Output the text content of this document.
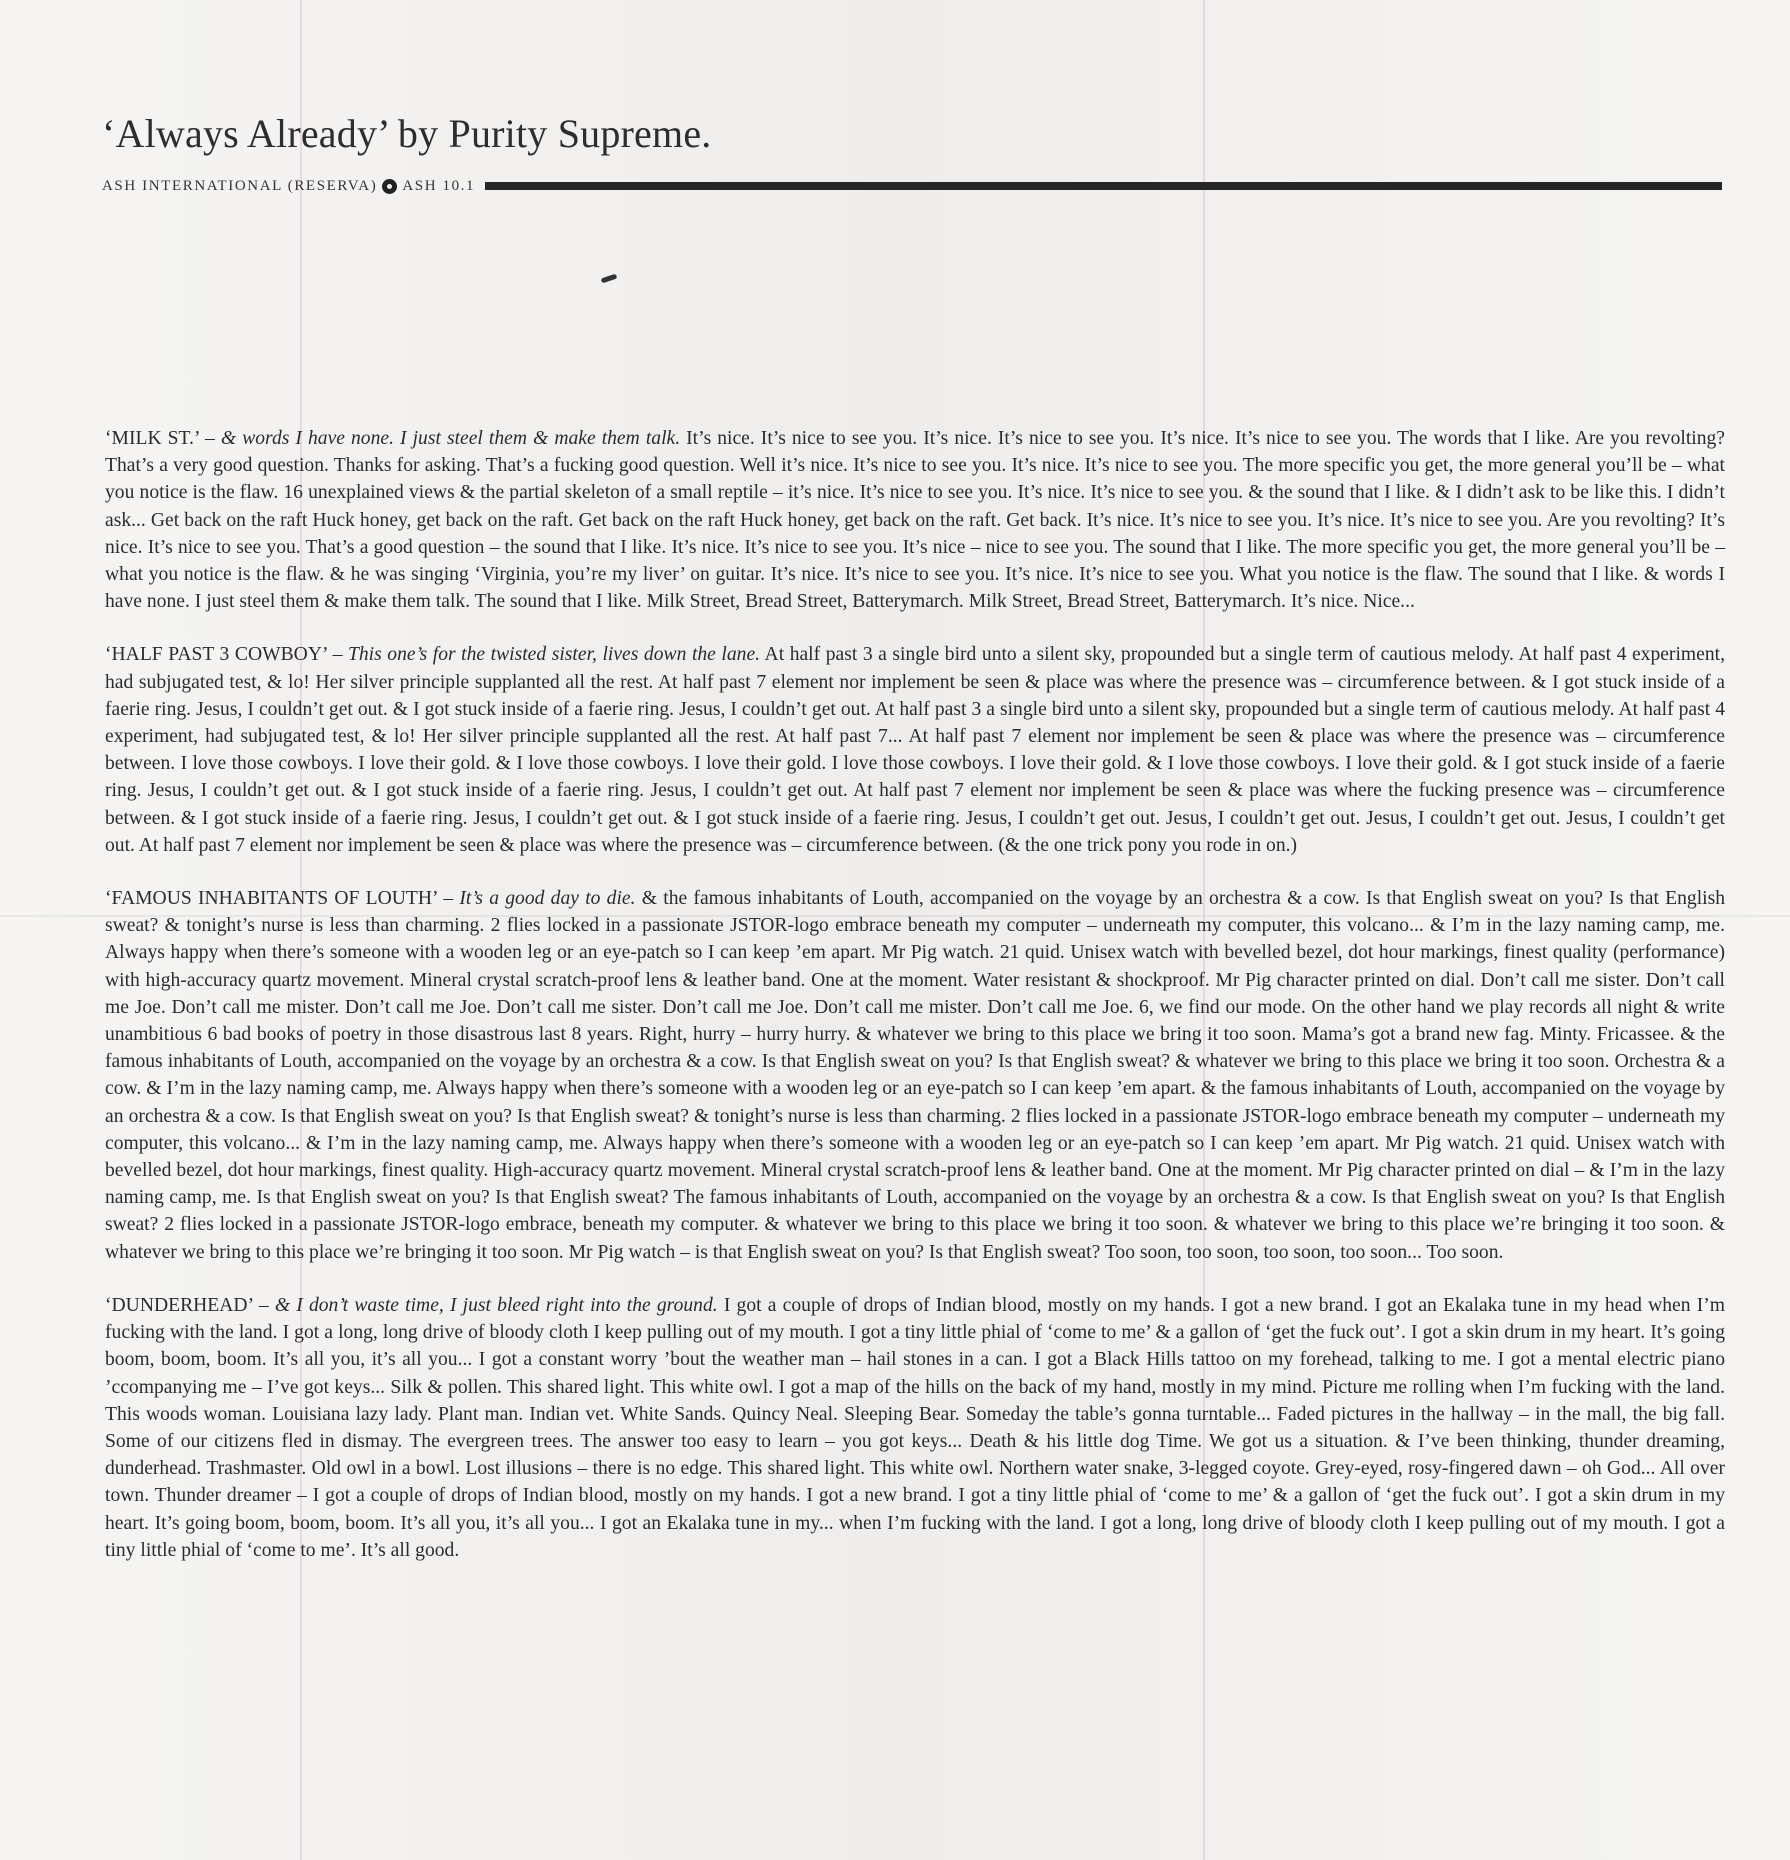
‘Always Already’ by Purity Supreme.
ASH INTERNATIONAL (RESERVA) ASH 10.1

‘MILK ST.’ – & words I have none. I just steel them & make them talk. It’s nice. It’s nice to see you. It’s nice. It’s nice to see you. It’s nice. It’s nice to see you. The words that I like. Are you revolting? That’s a very good question. Thanks for asking. That’s a fucking good question. Well it’s nice. It’s nice to see you. It’s nice. It’s nice to see you. The more specific you get, the more general you’ll be – what you notice is the flaw. 16 unexplained views & the partial skeleton of a small reptile – it’s nice. It’s nice to see you. It’s nice. It’s nice to see you. & the sound that I like. & I didn’t ask to be like this. I didn’t ask... Get back on the raft Huck honey, get back on the raft. Get back on the raft Huck honey, get back on the raft. Get back. It’s nice. It’s nice to see you. It’s nice. It’s nice to see you. Are you revolting? It’s nice. It’s nice to see you. That’s a good question – the sound that I like. It’s nice. It’s nice to see you. It’s nice – nice to see you. The sound that I like. The more specific you get, the more general you’ll be – what you notice is the flaw. & he was singing ‘Virginia, you’re my liver’ on guitar. It’s nice. It’s nice to see you. It’s nice. It’s nice to see you. What you notice is the flaw. The sound that I like. & words I have none. I just steel them & make them talk. The sound that I like. Milk Street, Bread Street, Batterymarch. Milk Street, Bread Street, Batterymarch. It’s nice. Nice...

‘HALF PAST 3 COWBOY’ – This one’s for the twisted sister, lives down the lane. At half past 3 a single bird unto a silent sky, propounded but a single term of cautious melody. At half past 4 experiment, had subjugated test, & lo! Her silver principle supplanted all the rest. At half past 7 element nor implement be seen & place was where the presence was – circumference between. & I got stuck inside of a faerie ring. Jesus, I couldn’t get out. & I got stuck inside of a faerie ring. Jesus, I couldn’t get out. At half past 3 a single bird unto a silent sky, propounded but a single term of cautious melody. At half past 4 experiment, had subjugated test, & lo! Her silver principle supplanted all the rest. At half past 7... At half past 7 element nor implement be seen & place was where the presence was – circumference between. I love those cowboys. I love their gold. & I love those cowboys. I love their gold. I love those cowboys. I love their gold. & I love those cowboys. I love their gold. & I got stuck inside of a faerie ring. Jesus, I couldn’t get out. & I got stuck inside of a faerie ring. Jesus, I couldn’t get out. At half past 7 element nor implement be seen & place was where the fucking presence was – circumference between. & I got stuck inside of a faerie ring. Jesus, I couldn’t get out. & I got stuck inside of a faerie ring. Jesus, I couldn’t get out. Jesus, I couldn’t get out. Jesus, I couldn’t get out. Jesus, I couldn’t get out. At half past 7 element nor implement be seen & place was where the presence was – circumference between. (& the one trick pony you rode in on.)

‘FAMOUS INHABITANTS OF LOUTH’ – It’s a good day to die. & the famous inhabitants of Louth, accompanied on the voyage by an orchestra & a cow. Is that English sweat on you? Is that English sweat? & tonight’s nurse is less than charming. 2 flies locked in a passionate JSTOR-logo embrace beneath my computer – underneath my computer, this volcano... & I’m in the lazy naming camp, me. Always happy when there’s someone with a wooden leg or an eye-patch so I can keep ’em apart. Mr Pig watch. 21 quid. Unisex watch with bevelled bezel, dot hour markings, finest quality (performance) with high-accuracy quartz movement. Mineral crystal scratch-proof lens & leather band. One at the moment. Water resistant & shockproof. Mr Pig character printed on dial. Don’t call me sister. Don’t call me Joe. Don’t call me mister. Don’t call me Joe. Don’t call me sister. Don’t call me Joe. Don’t call me mister. Don’t call me Joe. 6, we find our mode. On the other hand we play records all night & write unambitious 6 bad books of poetry in those disastrous last 8 years. Right, hurry – hurry hurry. & whatever we bring to this place we bring it too soon. Mama’s got a brand new fag. Minty. Fricassee. & the famous inhabitants of Louth, accompanied on the voyage by an orchestra & a cow. Is that English sweat on you? Is that English sweat? & whatever we bring to this place we bring it too soon. Orchestra & a cow. & I’m in the lazy naming camp, me. Always happy when there’s someone with a wooden leg or an eye-patch so I can keep ’em apart. & the famous inhabitants of Louth, accompanied on the voyage by an orchestra & a cow. Is that English sweat on you? Is that English sweat? & tonight’s nurse is less than charming. 2 flies locked in a passionate JSTOR-logo embrace beneath my computer – underneath my computer, this volcano... & I’m in the lazy naming camp, me. Always happy when there’s someone with a wooden leg or an eye-patch so I can keep ’em apart. Mr Pig watch. 21 quid. Unisex watch with bevelled bezel, dot hour markings, finest quality. High-accuracy quartz movement. Mineral crystal scratch-proof lens & leather band. One at the moment. Mr Pig character printed on dial – & I’m in the lazy naming camp, me. Is that English sweat on you? Is that English sweat? The famous inhabitants of Louth, accompanied on the voyage by an orchestra & a cow. Is that English sweat on you? Is that English sweat? 2 flies locked in a passionate JSTOR-logo embrace, beneath my computer. & whatever we bring to this place we bring it too soon. & whatever we bring to this place we’re bringing it too soon. & whatever we bring to this place we’re bringing it too soon. Mr Pig watch – is that English sweat on you? Is that English sweat? Too soon, too soon, too soon, too soon... Too soon.

‘DUNDERHEAD’ – & I don’t waste time, I just bleed right into the ground. I got a couple of drops of Indian blood, mostly on my hands. I got a new brand. I got an Ekalaka tune in my head when I’m fucking with the land. I got a long, long drive of bloody cloth I keep pulling out of my mouth. I got a tiny little phial of ‘come to me’ & a gallon of ‘get the fuck out’. I got a skin drum in my heart. It’s going boom, boom, boom. It’s all you, it’s all you... I got a constant worry ’bout the weather man – hail stones in a can. I got a Black Hills tattoo on my forehead, talking to me. I got a mental electric piano ’ccompanying me – I’ve got keys... Silk & pollen. This shared light. This white owl. I got a map of the hills on the back of my hand, mostly in my mind. Picture me rolling when I’m fucking with the land. This woods woman. Louisiana lazy lady. Plant man. Indian vet. White Sands. Quincy Neal. Sleeping Bear. Someday the table’s gonna turntable... Faded pictures in the hallway – in the mall, the big fall. Some of our citizens fled in dismay. The evergreen trees. The answer too easy to learn – you got keys... Death & his little dog Time. We got us a situation. & I’ve been thinking, thunder dreaming, dunderhead. Trashmaster. Old owl in a bowl. Lost illusions – there is no edge. This shared light. This white owl. Northern water snake, 3-legged coyote. Grey-eyed, rosy-fingered dawn – oh God... All over town. Thunder dreamer – I got a couple of drops of Indian blood, mostly on my hands. I got a new brand. I got a tiny little phial of ‘come to me’ & a gallon of ‘get the fuck out’. I got a skin drum in my heart. It’s going boom, boom, boom. It’s all you, it’s all you... I got an Ekalaka tune in my... when I’m fucking with the land. I got a long, long drive of bloody cloth I keep pulling out of my mouth. I got a tiny little phial of ‘come to me’. It’s all good.
